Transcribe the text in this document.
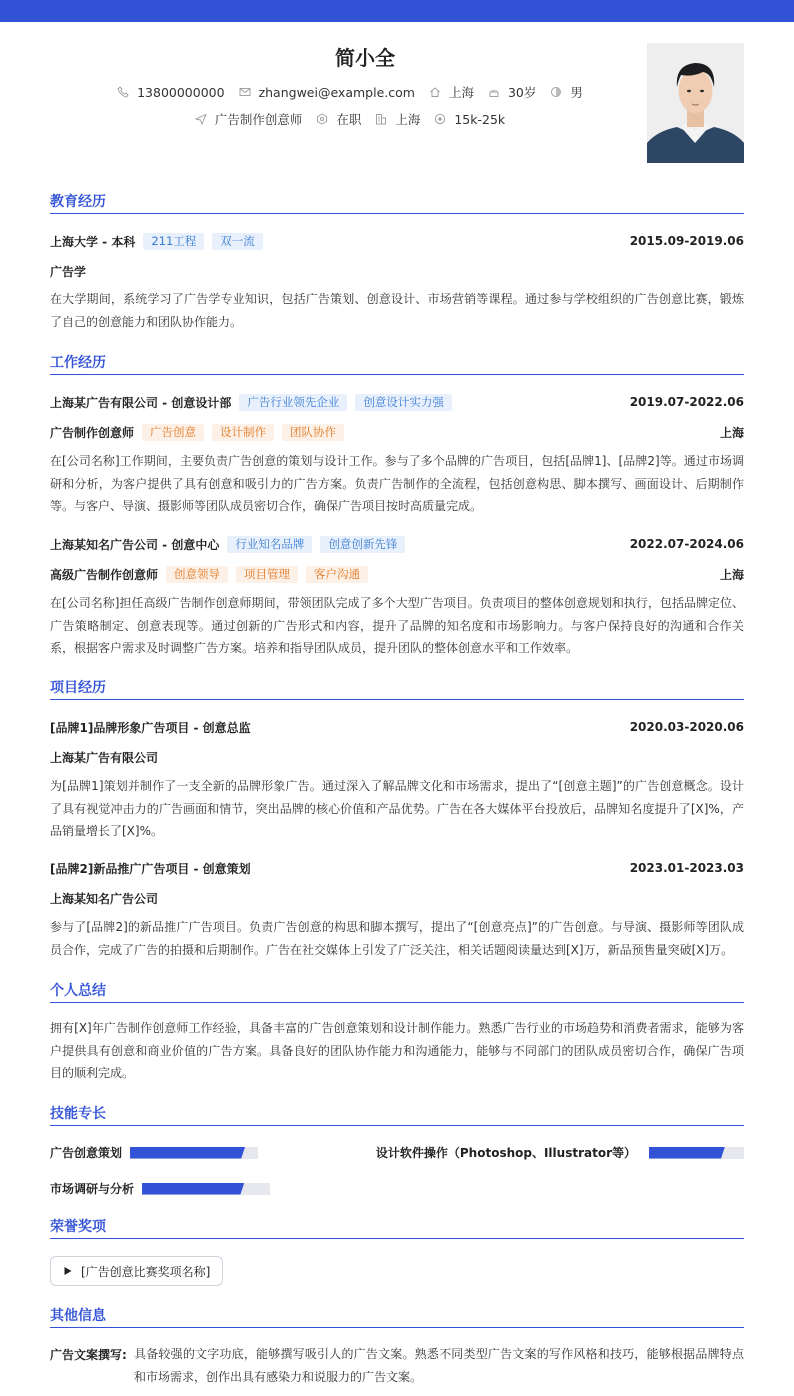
简小全
13800000000	zhangwei@example.com	上海	30岁	男
广告制作创意师	在职	上海	15k-25k
教育经历
上海大学 - 本科	211工程	双一流	2015.09-2019.06
广告学
在大学期间，系统学习了广告学专业知识，包括广告策划、创意设计、市场营销等课程。通过参与学校组织的广告创意比赛，锻炼了自己的创意能力和团队协作能力。
工作经历
上海某广告有限公司 - 创意设计部	广告行业领先企业	创意设计实力强	2019.07-2022.06
广告制作创意师	广告创意	设计制作	团队协作	上海
在[公司名称]工作期间，主要负责广告创意的策划与设计工作。参与了多个品牌的广告项目，包括[品牌1]、[品牌2]等。通过市场调研和分析，为客户提供了具有创意和吸引力的广告方案。负责广告制作的全流程，包括创意构思、脚本撰写、画面设计、后期制作等。与客户、导演、摄影师等团队成员密切合作，确保广告项目按时高质量完成。
上海某知名广告公司 - 创意中心	行业知名品牌	创意创新先锋	2022.07-2024.06
高级广告制作创意师	创意领导	项目管理	客户沟通	上海
在[公司名称]担任高级广告制作创意师期间，带领团队完成了多个大型广告项目。负责项目的整体创意规划和执行，包括品牌定位、广告策略制定、创意表现等。通过创新的广告形式和内容，提升了品牌的知名度和市场影响力。与客户保持良好的沟通和合作关系，根据客户需求及时调整广告方案。培养和指导团队成员，提升团队的整体创意水平和工作效率。
项目经历
[品牌1]品牌形象广告项目 - 创意总监	2020.03-2020.06
上海某广告有限公司
为[品牌1]策划并制作了一支全新的品牌形象广告。通过深入了解品牌文化和市场需求，提出了“[创意主题]”的广告创意概念。设计了具有视觉冲击力的广告画面和情节，突出品牌的核心价值和产品优势。广告在各大媒体平台投放后，品牌知名度提升了[X]%，产品销量增长了[X]%。
[品牌2]新品推广广告项目 - 创意策划	2023.01-2023.03
上海某知名广告公司
参与了[品牌2]的新品推广广告项目。负责广告创意的构思和脚本撰写，提出了“[创意亮点]”的广告创意。与导演、摄影师等团队成员合作，完成了广告的拍摄和后期制作。广告在社交媒体上引发了广泛关注，相关话题阅读量达到[X]万，新品预售量突破[X]万。
个人总结
拥有[X]年广告制作创意师工作经验，具备丰富的广告创意策划和设计制作能力。熟悉广告行业的市场趋势和消费者需求，能够为客户提供具有创意和商业价值的广告方案。具备良好的团队协作能力和沟通能力，能够与不同部门的团队成员密切合作，确保广告项目的顺利完成。
技能专长
广告创意策划	设计软件操作（Photoshop、Illustrator等）
市场调研与分析
荣誉奖项
[广告创意比赛奖项名称]
其他信息
广告文案撰写: 具备较强的文字功底，能够撰写吸引人的广告文案。熟悉不同类型广告文案的写作风格和技巧，能够根据品牌特点和市场需求，创作出具有感染力和说服力的广告文案。
